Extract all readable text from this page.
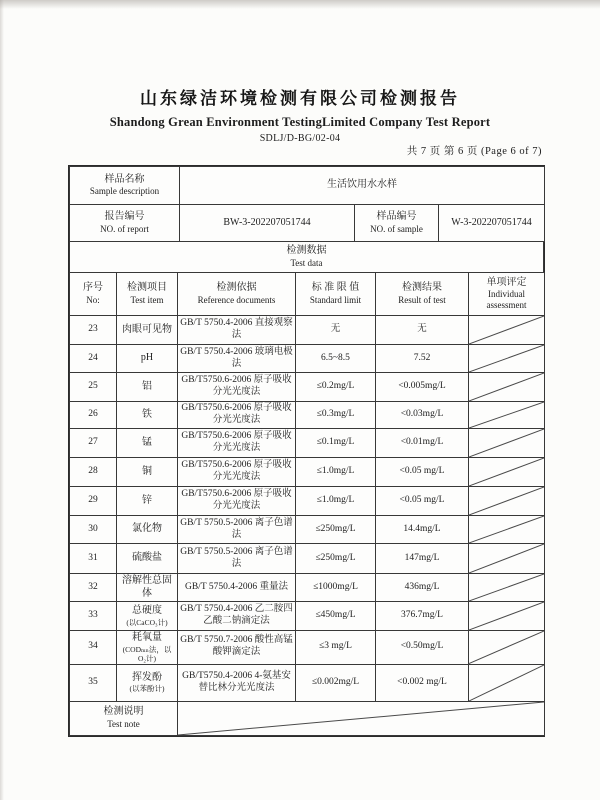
山东绿洁环境检测有限公司检测报告
Shandong Grean Environment TestingLimited Company Test Report
SDLJ/D-BG/02-04
共 7 页 第 6 页 (Page 6 of 7)
样品名称
Sample description	生活饮用水水样		

报告编号
NO. of report	BW-3-202207051744	样品编号
NO. of sample	W-3-202207051744
检测数据
Test data
序号
No:	检测项目
Test item	检测依据
Reference documents	标 准 限 值
Standard limit	检测结果
Result of test	单项评定
Individual
assessment

23	肉眼可见物	GB/T 5750.4-2006 直接观察法	无	无	

24	pH	GB/T 5750.4-2006 玻璃电极法	6.5~8.5	7.52	

25	铝	GB/T5750.6-2006 原子吸收分光光度法	≤0.2mg/L	<0.005mg/L	

26	铁	GB/T5750.6-2006 原子吸收分光光度法	≤0.3mg/L	<0.03mg/L	

27	锰	GB/T5750.6-2006 原子吸收分光光度法	≤0.1mg/L	<0.01mg/L	

28	铜	GB/T5750.6-2006 原子吸收分光光度法	≤1.0mg/L	<0.05 mg/L	

29	锌	GB/T5750.6-2006 原子吸收分光光度法	≤1.0mg/L	<0.05 mg/L	

30	氯化物	GB/T 5750.5-2006 离子色谱法	≤250mg/L	14.4mg/L	

31	硫酸盐	GB/T 5750.5-2006 离子色谱法	≤250mg/L	147mg/L	

32	溶解性总固体	GB/T 5750.4-2006 重量法	≤1000mg/L	436mg/L	

33	总硬度
(以CaCO₃计)	GB/T 5750.4-2006 乙二胺四乙酸二钠滴定法	≤450mg/L	376.7mg/L	

34	耗氧量
(CODₘₙ法，以O₂计)	GB/T 5750.7-2006 酸性高锰酸钾滴定法	≤3 mg/L	<0.50mg/L	

35	挥发酚
(以苯酚计)	GB/T5750.4-2006 4-氨基安替比林分光光度法	≤0.002mg/L	<0.002 mg/L	

检测说明
Test note
